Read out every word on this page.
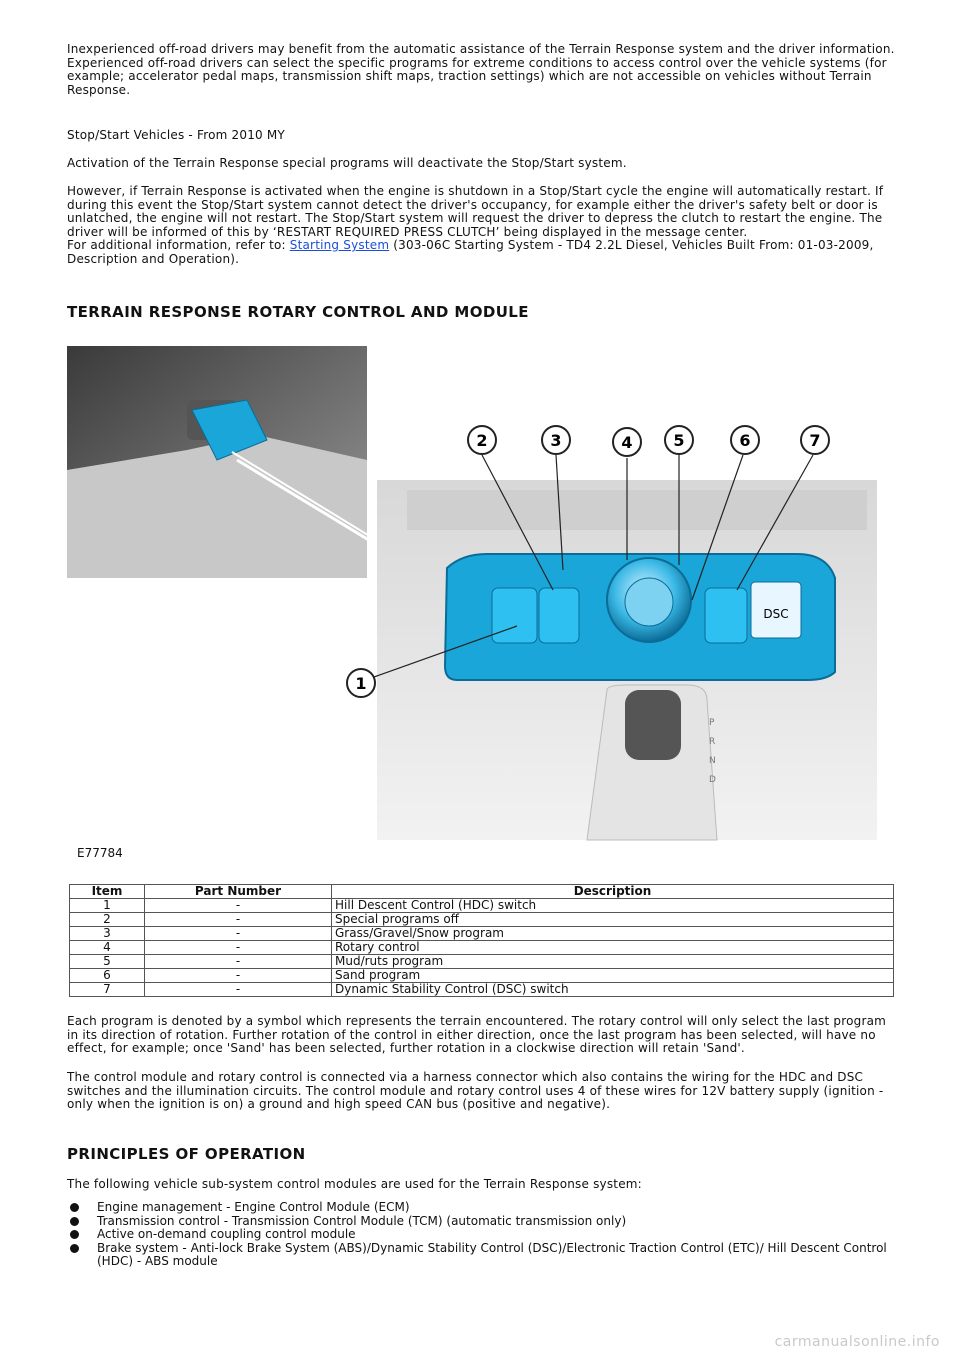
Inexperienced off-road drivers may benefit from the automatic assistance of the Terrain Response system and the driver information. Experienced off-road drivers can select the specific programs for extreme conditions to access control over the vehicle systems (for example; accelerator pedal maps, transmission shift maps, traction settings) which are not accessible on vehicles without Terrain Response.

Stop/Start Vehicles - From 2010 MY

Activation of the Terrain Response special programs will deactivate the Stop/Start system.

However, if Terrain Response is activated when the engine is shutdown in a Stop/Start cycle the engine will automatically restart. If during this event the Stop/Start system cannot detect the driver's occupancy, for example either the driver's safety belt or door is unlatched, the engine will not restart. The Stop/Start system will request the driver to depress the clutch to restart the engine. The driver will be informed of this by ‘RESTART REQUIRED PRESS CLUTCH’ being displayed in the message center.
For additional information, refer to: Starting System (303-06C Starting System - TD4 2.2L Diesel, Vehicles Built From: 01-03-2009, Description and Operation).

TERRAIN RESPONSE ROTARY CONTROL AND MODULE
DSC
P
R
N
D
2	3	4	5	6	7
1
E77784
Item	Part Number	Description
1	-	Hill Descent Control (HDC) switch
2	-	Special programs off
3	-	Grass/Gravel/Snow program
4	-	Rotary control
5	-	Mud/ruts program
6	-	Sand program
7	-	Dynamic Stability Control (DSC) switch

Each program is denoted by a symbol which represents the terrain encountered. The rotary control will only select the last program in its direction of rotation. Further rotation of the control in either direction, once the last program has been selected, will have no effect, for example; once 'Sand' has been selected, further rotation in a clockwise direction will retain 'Sand'.

The control module and rotary control is connected via a harness connector which also contains the wiring for the HDC and DSC switches and the illumination circuits. The control module and rotary control uses 4 of these wires for 12V battery supply (ignition - only when the ignition is on) a ground and high speed CAN bus (positive and negative).

PRINCIPLES OF OPERATION

The following vehicle sub-system control modules are used for the Terrain Response system:

Engine management - Engine Control Module (ECM)
Transmission control - Transmission Control Module (TCM) (automatic transmission only)
Active on-demand coupling control module
Brake system - Anti-lock Brake System (ABS)/Dynamic Stability Control (DSC)/Electronic Traction Control (ETC)/ Hill Descent Control (HDC) - ABS module
carmanualsonline.info
